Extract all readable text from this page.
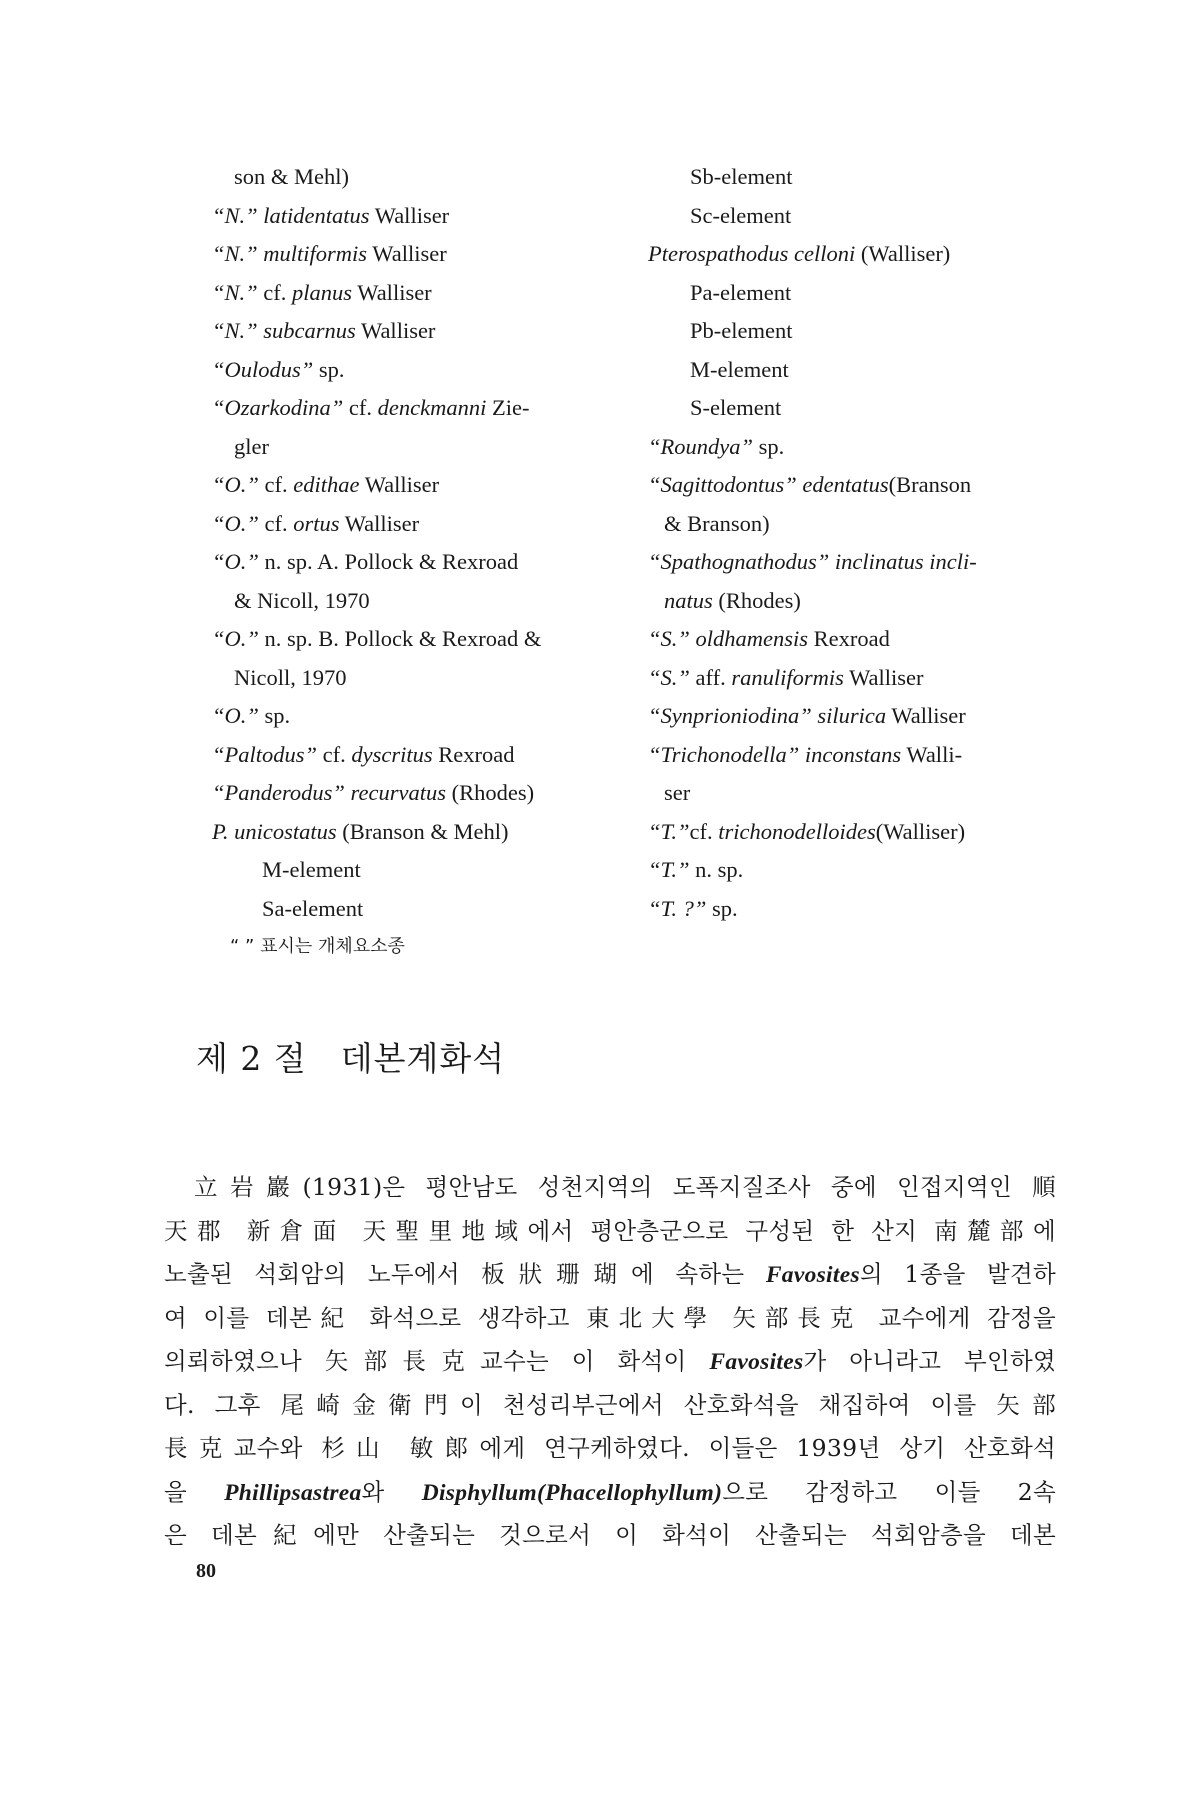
son & Mehl)
“N.” latidentatus Walliser
“N.” multiformis Walliser
“N.” cf. planus Walliser
“N.” subcarnus Walliser
“Oulodus” sp.
“Ozarkodina” cf. denckmanni Zie-
gler
“O.” cf. edithae Walliser
“O.” cf. ortus Walliser
“O.” n. sp. A. Pollock & Rexroad
& Nicoll, 1970
“O.” n. sp. B. Pollock & Rexroad &
Nicoll, 1970
“O.” sp.
“Paltodus” cf. dyscritus Rexroad
“Panderodus” recurvatus (Rhodes)
P. unicostatus (Branson & Mehl)
M-element
Sa-element
“ ” 표시는 개체요소종
Sb-element
Sc-element
Pterospathodus celloni (Walliser)
Pa-element
Pb-element
M-element
S-element
“Roundya” sp.
“Sagittodontus” edentatus(Branson
& Branson)
“Spathognathodus” inclinatus incli-
natus (Rhodes)
“S.” oldhamensis Rexroad
“S.” aff. ranuliformis Walliser
“Synprioniodina” silurica Walliser
“Trichonodella” inconstans Walli-
ser
“T.”cf. trichonodelloides(Walliser)
“T.” n. sp.
“T. ?” sp.
제 2 절 데본계화석
立岩巖(1931)은 평안남도 성천지역의 도폭지질조사 중에 인접지역인 順
天郡 新倉面 天聖里地域에서 평안층군으로 구성된 한 산지 南麓部에
노출된 석회암의 노두에서 板狀珊瑚에 속하는 Favosites의 1종을 발견하
여 이를 데본紀 화석으로 생각하고 東北大學 矢部長克 교수에게 감정을
의뢰하였으나 矢部長克교수는 이 화석이 Favosites가 아니라고 부인하였
다. 그후 尾崎金衛門이 천성리부근에서 산호화석을 채집하여 이를 矢部
長克교수와 杉山 敏郞에게 연구케하였다. 이들은 1939년 상기 산호화석
을 Phillipsastrea와 Disphyllum(Phacellophyllum)으로 감정하고 이들 2속
은 데본紀에만 산출되는 것으로서 이 화석이 산출되는 석회암층을 데본
80
